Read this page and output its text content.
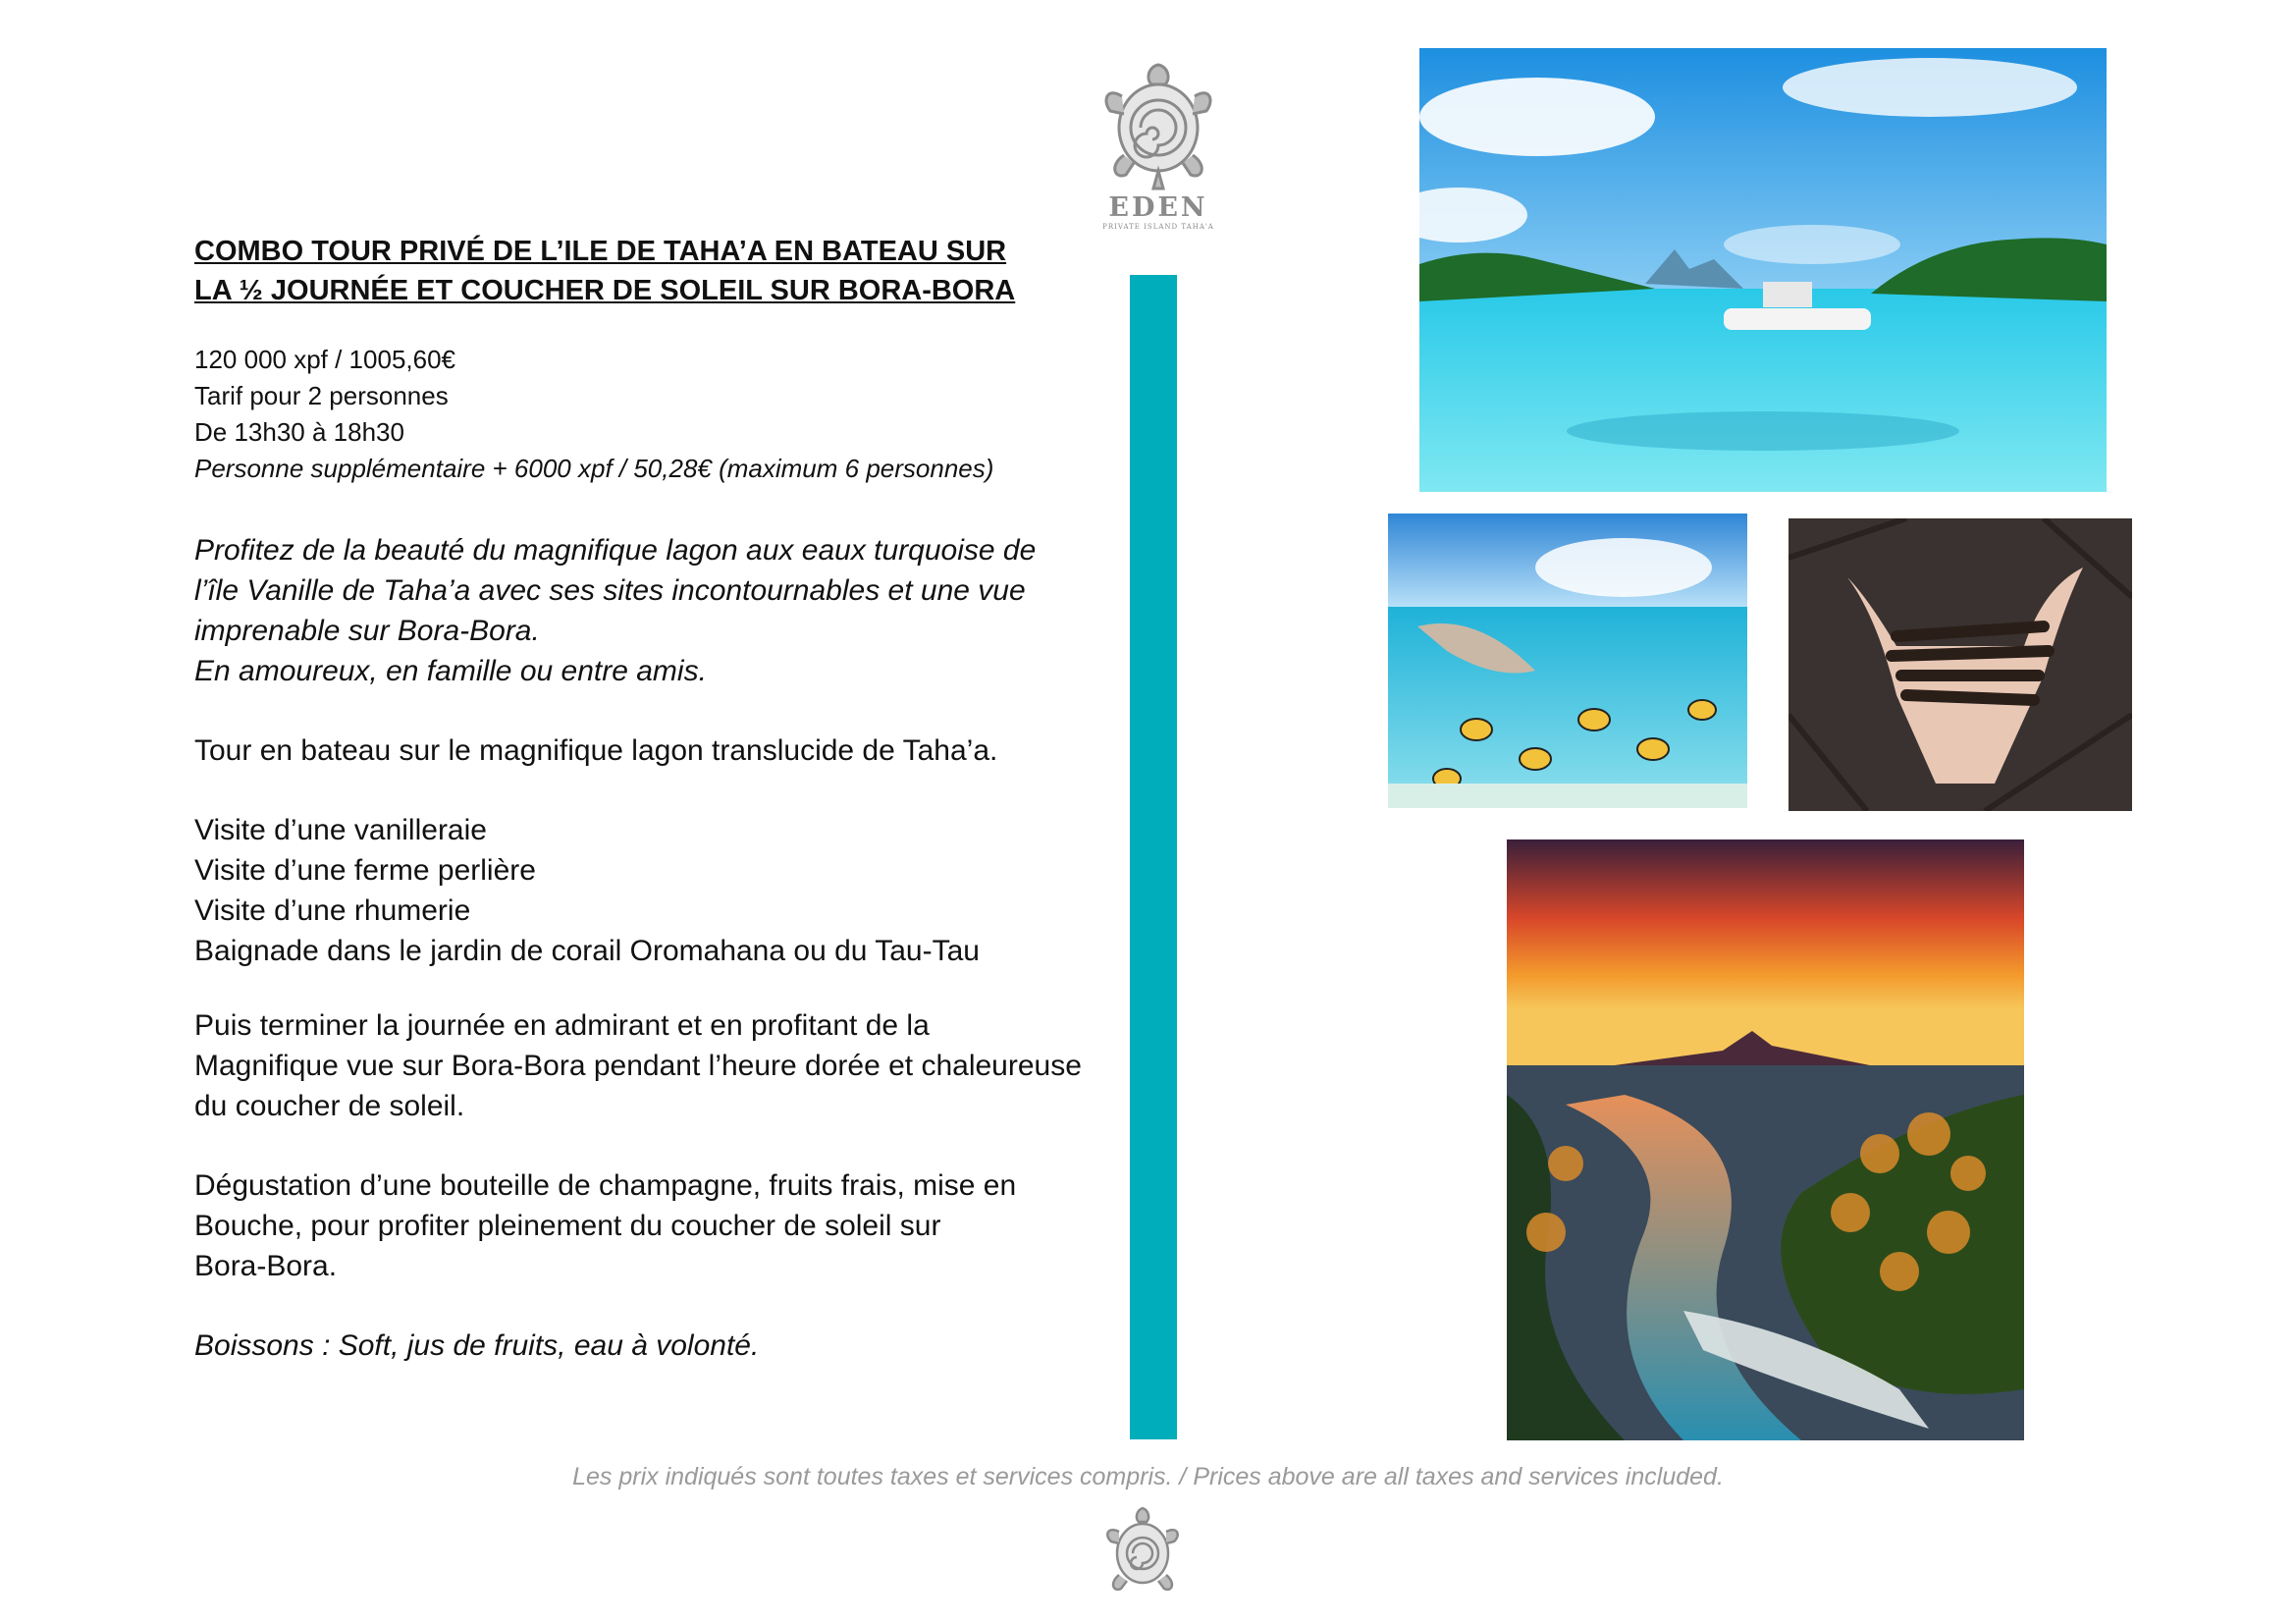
EDEN
PRIVATE ISLAND TAHA'A

COMBO TOUR PRIVÉ DE L’ILE DE TAHA’A EN BATEAU SUR

LA ½ JOURNÉE ET COUCHER DE SOLEIL SUR BORA-BORA

120 000 xpf / 1005,60€

Tarif pour 2 personnes

De 13h30 à 18h30

Personne supplémentaire + 6000 xpf / 50,28€ (maximum 6 personnes)

Profitez de la beauté du magnifique lagon aux eaux turquoise de

l’île Vanille de Taha’a avec ses sites incontournables et une vue

imprenable sur Bora-Bora.

En amoureux, en famille ou entre amis.

Tour en bateau sur le magnifique lagon translucide de Taha’a.

Visite d’une vanilleraie

Visite d’une ferme perlière

Visite d’une rhumerie

Baignade dans le jardin de corail Oromahana ou du Tau-Tau

Puis terminer la journée en admirant et en profitant de la

Magnifique vue sur Bora-Bora pendant l’heure dorée et chaleureuse

du coucher de soleil.

Dégustation d’une bouteille de champagne, fruits frais, mise en

Bouche, pour profiter pleinement du coucher de soleil sur

Bora-Bora.

Boissons : Soft, jus de fruits, eau à volonté.

Les prix indiqués sont toutes taxes et services compris. / Prices above are all taxes and services included.
